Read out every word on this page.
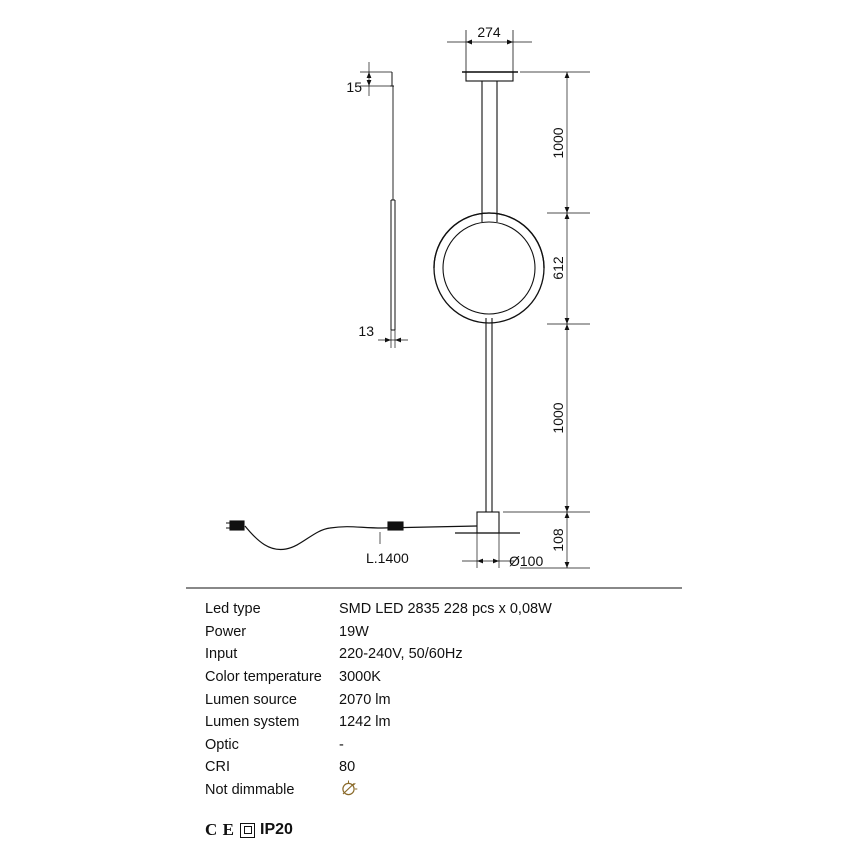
274
15
13
1000
612
1000
108
Ø100
L.1400
Led type	SMD LED 2835 228 pcs x 0,08W
Power	19W
Input	220-240V, 50/60Hz
Color temperature	3000K
Lumen source	2070 lm
Lumen system	1242 lm
Optic	-
CRI	80
Not dimmable
C E IP20
